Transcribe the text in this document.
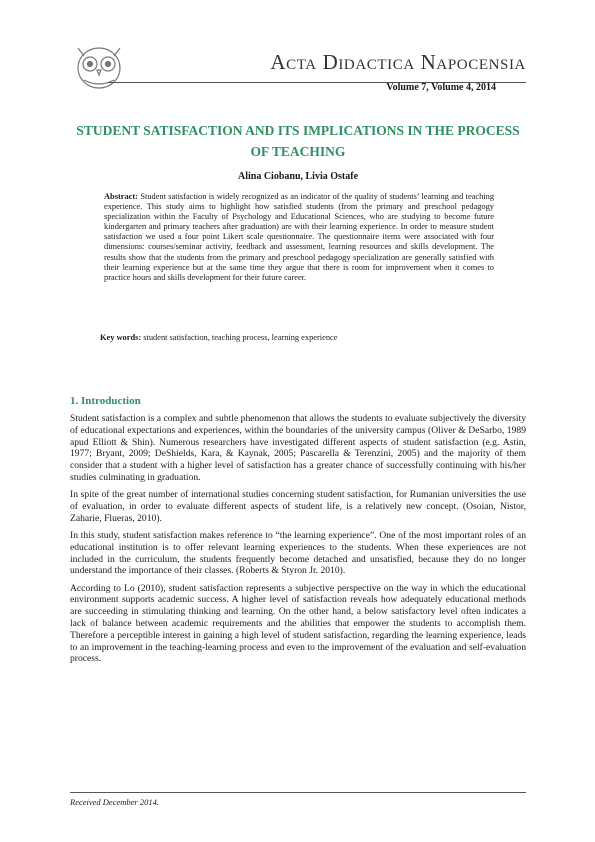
Acta Didactica Napocensia
Volume 7, Volume 4, 2014
STUDENT SATISFACTION AND ITS IMPLICATIONS IN THE PROCESS OF TEACHING
Alina Ciobanu, Livia Ostafe
Abstract: Student satisfaction is widely recognized as an indicator of the quality of students’ learning and teaching experience. This study aims to highlight how satisfied students (from the primary and preschool pedagogy specialization within the Faculty of Psychology and Educational Sciences, who are studying to become future kindergarten and primary teachers after graduation) are with their learning experience. In order to measure student satisfaction we used a four point Likert scale questionnaire. The questionnaire items were associated with four dimensions: courses/seminar activity, feedback and assessment, learning resources and skills development. The results show that the students from the primary and preschool pedagogy specialization are generally satisfied with their learning experience but at the same time they argue that there is room for improvement when it comes to practice hours and skills development for their future career.
Key words: student satisfaction, teaching process, learning experience
1. Introduction

Student satisfaction is a complex and subtle phenomenon that allows the students to evaluate subjectively the diversity of educational expectations and experiences, within the boundaries of the university campus (Oliver & DeSarbo, 1989 apud Elliott & Shin). Numerous researchers have investigated different aspects of student satisfaction (e.g. Astin, 1977; Bryant, 2009; DeShields, Kara, & Kaynak, 2005; Pascarella & Terenzini, 2005) and the majority of them consider that a student with a higher level of satisfaction has a greater chance of successfully continuing with his/her studies culminating in graduation.

In spite of the great number of international studies concerning student satisfaction, for Rumanian universities the use of evaluation, in order to evaluate different aspects of student life, is a relatively new concept. (Osoian, Nistor, Zaharie, Flueras, 2010).

In this study, student satisfaction makes reference to “the learning experience”. One of the most important roles of an educational institution is to offer relevant learning experiences to the students. When these experiences are not included in the curriculum, the students frequently become detached and unsatisfied, because they do no longer understand the importance of their classes. (Roberts & Styron Jr. 2010).

According to Lo (2010), student satisfaction represents a subjective perspective on the way in which the educational environment supports academic success. A higher level of satisfaction reveals how adequately educational methods are succeeding in stimulating thinking and learning. On the other hand, a below satisfactory level often indicates a lack of balance between academic requirements and the abilities that empower the students to accomplish them. Therefore a perceptible interest in gaining a high level of student satisfaction, regarding the learning experience, leads to an improvement in the teaching-learning process and even to the improvement of the evaluation and self-evaluation process.

Received December 2014.
